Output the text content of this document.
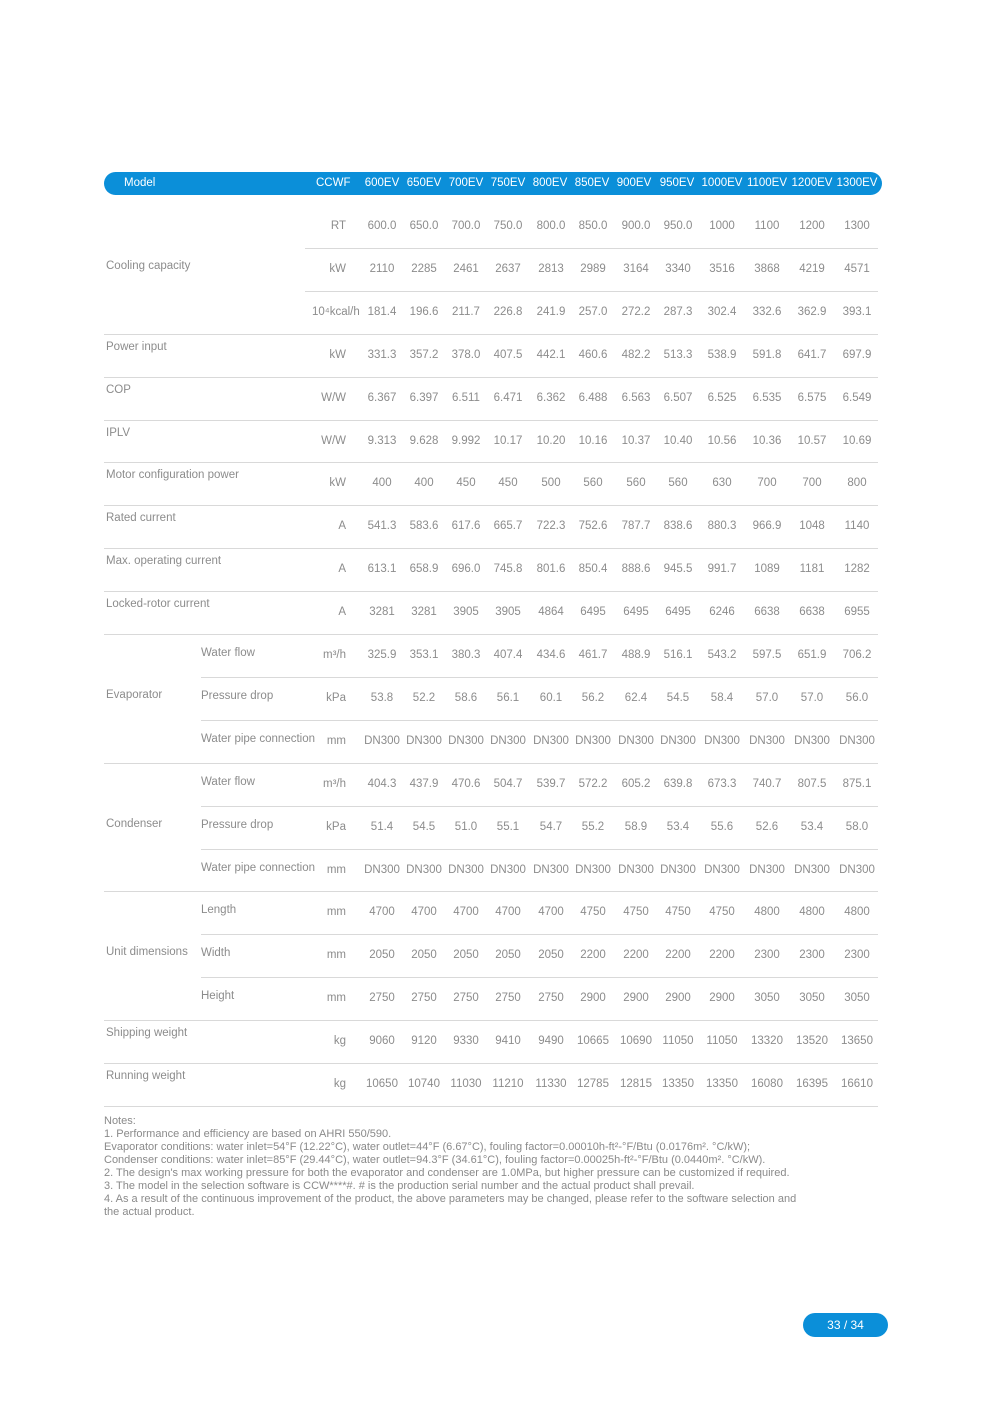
Model	CCWF	600EV 650EV 700EV 750EV 800EV 850EV 900EV 950EV 1000EV 1100EV 1200EV 1300EV
Cooling capacity
RT	600.0	650.0	700.0	750.0	800.0	850.0	900.0	950.0	1000	1100	1200	1300
kW	2110	2285	2461	2637	2813	2989	3164	3340	3516	3868	4219	4571
10⁴kcal/h 181.4	196.6	211.7	226.8	241.9	257.0	272.2	287.3	302.4	332.6	362.9	393.1
Power input
kW	331.3	357.2	378.0	407.5	442.1	460.6	482.2	513.3	538.9	591.8	641.7	697.9
COP
W/W	6.367	6.397	6.511	6.471	6.362	6.488	6.563	6.507	6.525	6.535	6.575	6.549
IPLV
W/W	9.313	9.628	9.992	10.17	10.20	10.16	10.37	10.40	10.56	10.36	10.57	10.69
Motor configuration power
kW	400	400	450	450	500	560	560	560	630	700	700	800
Rated current
A	541.3	583.6	617.6	665.7	722.3	752.6	787.7	838.6	880.3	966.9	1048	1140
Max. operating current
A	613.1	658.9	696.0	745.8	801.6	850.4	888.6	945.5	991.7	1089	1181	1282
Locked-rotor current
A	3281	3281	3905	3905	4864	6495	6495	6495	6246	6638	6638	6955
Water flow	m³/h	325.9	353.1	380.3	407.4	434.6	461.7	488.9	516.1	543.2	597.5	651.9	706.2
Evaporator	Pressure drop	kPa	53.8	52.2	58.6	56.1	60.1	56.2	62.4	54.5	58.4	57.0	57.0	56.0
Water pipe connection	mm	DN300 DN300 DN300 DN300 DN300 DN300 DN300 DN300 DN300 DN300 DN300 DN300
Water flow	m³/h	404.3	437.9	470.6	504.7	539.7	572.2	605.2	639.8	673.3	740.7	807.5	875.1
Condenser	Pressure drop	kPa	51.4	54.5	51.0	55.1	54.7	55.2	58.9	53.4	55.6	52.6	53.4	58.0
Water pipe connection	mm	DN300 DN300 DN300 DN300 DN300 DN300 DN300 DN300 DN300 DN300 DN300 DN300
Length	mm	4700	4700	4700	4700	4700	4750	4750	4750	4750	4800	4800	4800
Unit dimensions Width	mm	2050	2050	2050	2050	2050	2200	2200	2200	2200	2300	2300	2300
Height	mm	2750	2750	2750	2750	2750	2900	2900	2900	2900	3050	3050	3050
Shipping weight
kg	9060	9120	9330	9410	9490	10665 10690 11050	11050	13320	13520	13650
Running weight
kg	10650 10740 11030 11210	11330 12785 12815 13350	13350	16080	16395	16610
Notes:
1. Performance and efficiency are based on AHRI 550/590.
Evaporator conditions: water inlet=54°F (12.22°C), water outlet=44°F (6.67°C), fouling factor=0.00010h-ft²-°F/Btu (0.0176m². °C/kW);
Condenser conditions: water inlet=85°F (29.44°C), water outlet=94.3°F (34.61°C), fouling factor=0.00025h-ft²-°F/Btu (0.0440m². °C/kW).
2. The design's max working pressure for both the evaporator and condenser are 1.0MPa, but higher pressure can be customized if required.
3. The model in the selection software is CCW****#. # is the production serial number and the actual product shall prevail.
4. As a result of the continuous improvement of the product, the above parameters may be changed, please refer to the software selection and
the actual product.
33 / 34
